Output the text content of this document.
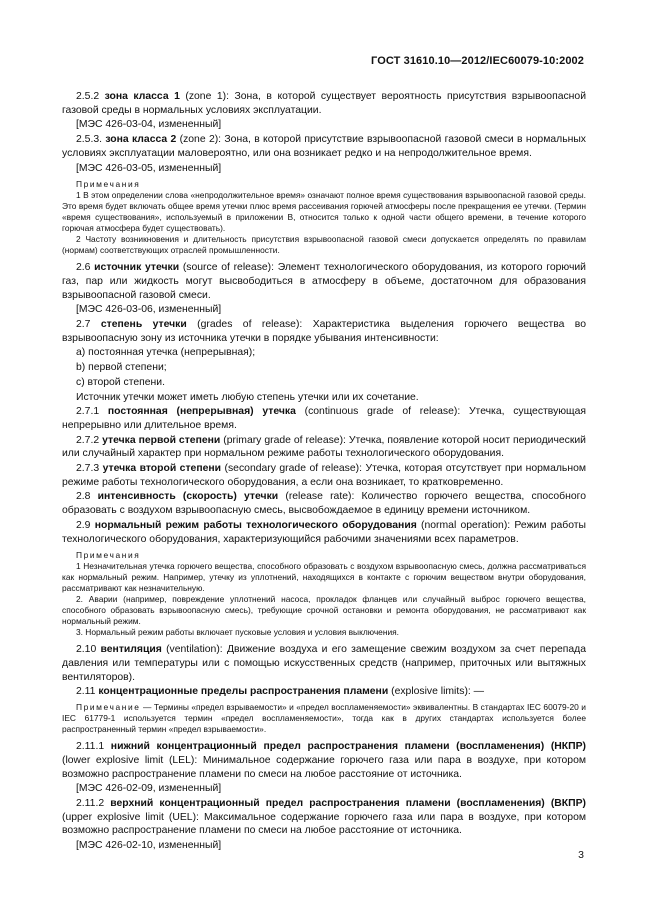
ГОСТ 31610.10—2012/IEC60079-10:2002

2.5.2 зона класса 1 (zone 1): Зона, в которой существует вероятность присутствия взрывоопасной газовой среды в нормальных условиях эксплуатации.

[МЭС 426-03-04, измененный]

2.5.3. зона класса 2 (zone 2): Зона, в которой присутствие взрывоопасной газовой смеси в нормальных условиях эксплуатации маловероятно, или она возникает редко и на непродолжительное время.

[МЭС 426-03-05, измененный]

Примечания

1 В этом определении слова «непродолжительное время» означают полное время существования взрывоопасной газовой среды. Это время будет включать общее время утечки плюс время рассеивания горючей атмосферы после прекращения ее утечки. (Термин «время существования», используемый в приложении В, относится только к одной части общего времени, в течение которого горючая атмосфера будет существовать).

2 Частоту возникновения и длительность присутствия взрывоопасной газовой смеси допускается определять по правилам (нормам) соответствующих отраслей промышленности.

2.6 источник утечки (source of release): Элемент технологического оборудования, из которого горючий газ, пар или жидкость могут высвободиться в атмосферу в объеме, достаточном для образования взрывоопасной газовой смеси.

[МЭС 426-03-06, измененный]

2.7 степень утечки (grades of release): Характеристика выделения горючего вещества во взрывоопасную зону из источника утечки в порядке убывания интенсивности:

a) постоянная утечка (непрерывная);

b) первой степени;

c) второй степени.

Источник утечки может иметь любую степень утечки или их сочетание.

2.7.1 постоянная (непрерывная) утечка (continuous grade of release): Утечка, существующая непрерывно или длительное время.

2.7.2 утечка первой степени (primary grade of release): Утечка, появление которой носит периодический или случайный характер при нормальном режиме работы технологического оборудования.

2.7.3 утечка второй степени (secondary grade of release): Утечка, которая отсутствует при нормальном режиме работы технологического оборудования, а если она возникает, то кратковременно.

2.8 интенсивность (скорость) утечки (release rate): Количество горючего вещества, способного образовать с воздухом взрывоопасную смесь, высвобождаемое в единицу времени источником.

2.9 нормальный режим работы технологического оборудования (normal operation): Режим работы технологического оборудования, характеризующийся рабочими значениями всех параметров.

Примечания

1 Незначительная утечка горючего вещества, способного образовать с воздухом взрывоопасную смесь, должна рассматриваться как нормальный режим. Например, утечку из уплотнений, находящихся в контакте с горючим веществом внутри оборудования, рассматривают как незначительную.

2. Аварии (например, повреждение уплотнений насоса, прокладок фланцев или случайный выброс горючего вещества, способного образовать взрывоопасную смесь), требующие срочной остановки и ремонта оборудования, не рассматривают как нормальный режим.

3. Нормальный режим работы включает пусковые условия и условия выключения.

2.10 вентиляция (ventilation): Движение воздуха и его замещение свежим воздухом за счет перепада давления или температуры или с помощью искусственных средств (например, приточных или вытяжных вентиляторов).

2.11 концентрационные пределы распространения пламени (explosive limits): —

Примечание — Термины «предел взрываемости» и «предел воспламеняемости» эквивалентны. В стандартах IEC 60079-20 и IEC 61779-1 используется термин «предел воспламеняемости», тогда как в других стандартах используется более распространенный термин «предел взрываемости».

2.11.1 нижний концентрационный предел распространения пламени (воспламенения) (НКПР) (lower explosive limit (LEL): Минимальное содержание горючего газа или пара в воздухе, при котором возможно распространение пламени по смеси на любое расстояние от источника.

[МЭС 426-02-09, измененный]

2.11.2 верхний концентрационный предел распространения пламени (воспламенения) (ВКПР) (upper explosive limit (UEL): Максимальное содержание горючего газа или пара в воздухе, при котором возможно распространение пламени по смеси на любое расстояние от источника.

[МЭС 426-02-10, измененный]

3
